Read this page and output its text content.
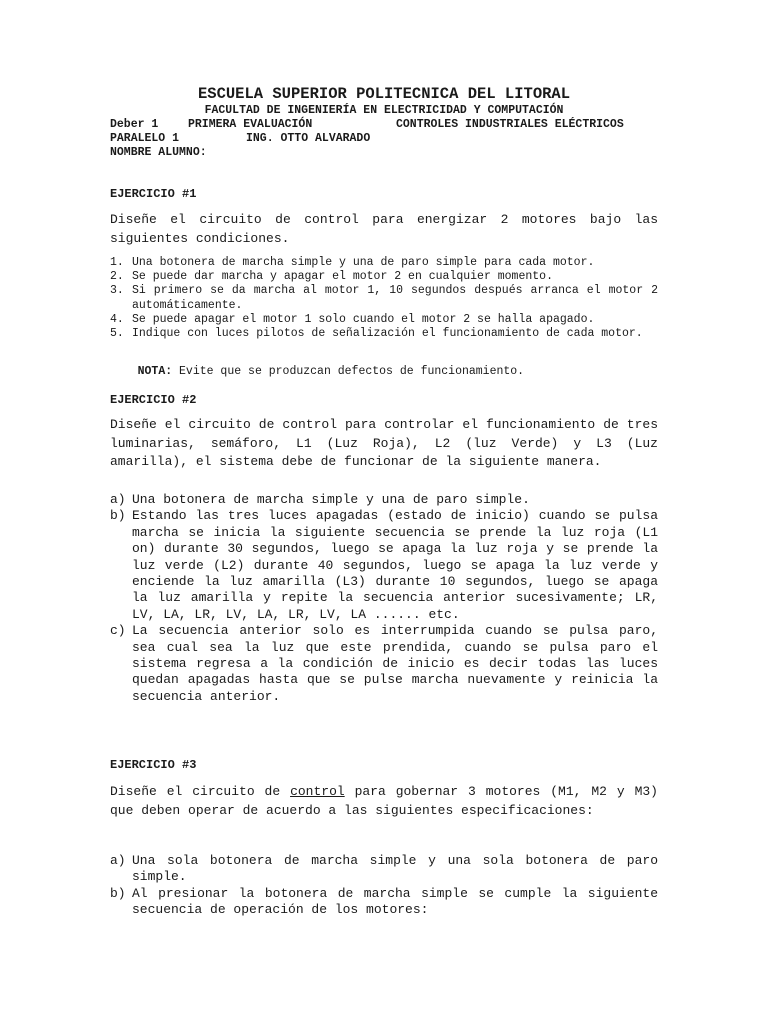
ESCUELA SUPERIOR POLITECNICA DEL LITORAL
FACULTAD DE INGENIERÍA EN ELECTRICIDAD Y COMPUTACIÓN
Deber 1	PRIMERA EVALUACIÓN	CONTROLES INDUSTRIALES ELÉCTRICOS
PARALELO 1	ING. OTTO ALVARADO
NOMBRE ALUMNO:
EJERCICIO #1
Diseñe el circuito de control para energizar 2 motores bajo las siguientes condiciones.
1. Una botonera de marcha simple y una de paro simple para cada motor.
2. Se puede dar marcha y apagar el motor 2 en cualquier momento.
3. Si primero se da marcha al motor 1, 10 segundos después arranca el motor 2 automáticamente.
4. Se puede apagar el motor 1 solo cuando el motor 2 se halla apagado.
5. Indique con luces pilotos de señalización el funcionamiento de cada motor.

NOTA: Evite que se produzcan defectos de funcionamiento.

EJERCICIO #2
Diseñe el circuito de control para controlar el funcionamiento de tres luminarias, semáforo, L1 (Luz Roja), L2 (luz Verde) y L3 (Luz amarilla), el sistema debe de funcionar de la siguiente manera.
a) Una botonera de marcha simple y una de paro simple.
b) Estando las tres luces apagadas (estado de inicio) cuando se pulsa marcha se inicia la siguiente secuencia se prende la luz roja (L1 on) durante 30 segundos, luego se apaga la luz roja y se prende la luz verde (L2) durante 40 segundos, luego se apaga la luz verde y enciende la luz amarilla (L3) durante 10 segundos, luego se apaga la luz amarilla y repite la secuencia anterior sucesivamente; LR, LV, LA, LR, LV, LA, LR, LV, LA ...... etc.
c) La secuencia anterior solo es interrumpida cuando se pulsa paro, sea cual sea la luz que este prendida, cuando se pulsa paro el sistema regresa a la condición de inicio es decir todas las luces quedan apagadas hasta que se pulse marcha nuevamente y reinicia la secuencia anterior.
EJERCICIO #3
Diseñe el circuito de control para gobernar 3 motores (M1, M2 y M3) que deben operar de acuerdo a las siguientes especificaciones:
a) Una sola botonera de marcha simple y una sola botonera de paro simple.
b) Al presionar la botonera de marcha simple se cumple la siguiente secuencia de operación de los motores:
